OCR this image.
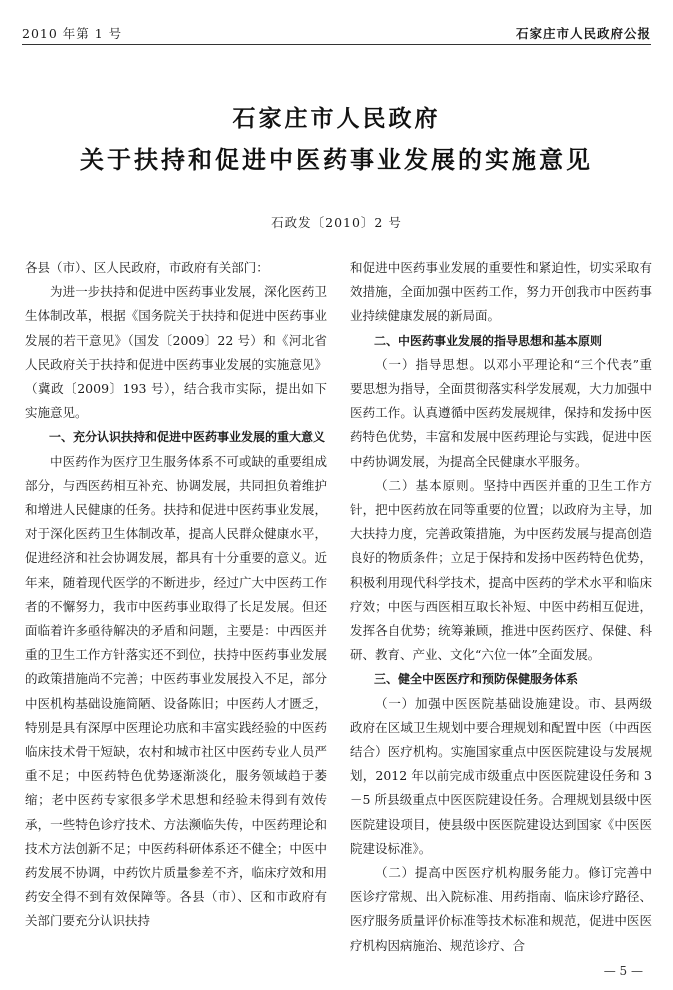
2010 年第 1 号	石家庄市人民政府公报
石家庄市人民政府
关于扶持和促进中医药事业发展的实施意见
石政发〔2010〕2 号

各县（市）、区人民政府，市政府有关部门：

为进一步扶持和促进中医药事业发展，深化医药卫生体制改革，根据《国务院关于扶持和促进中医药事业发展的若干意见》（国发〔2009〕22 号）和《河北省人民政府关于扶持和促进中医药事业发展的实施意见》（冀政〔2009〕193 号），结合我市实际，提出如下实施意见。

一、充分认识扶持和促进中医药事业发展的重大意义

中医药作为医疗卫生服务体系不可或缺的重要组成部分，与西医药相互补充、协调发展，共同担负着维护和增进人民健康的任务。扶持和促进中医药事业发展，对于深化医药卫生体制改革，提高人民群众健康水平，促进经济和社会协调发展，都具有十分重要的意义。近年来，随着现代医学的不断进步，经过广大中医药工作者的不懈努力，我市中医药事业取得了长足发展。但还面临着许多亟待解决的矛盾和问题，主要是：中西医并重的卫生工作方针落实还不到位，扶持中医药事业发展的政策措施尚不完善；中医药事业发展投入不足，部分中医机构基础设施简陋、设备陈旧；中医药人才匮乏，特别是具有深厚中医理论功底和丰富实践经验的中医药临床技术骨干短缺，农村和城市社区中医药专业人员严重不足；中医药特色优势逐渐淡化，服务领域趋于萎缩；老中医药专家很多学术思想和经验未得到有效传承，一些特色诊疗技术、方法濒临失传，中医药理论和技术方法创新不足；中医药科研体系还不健全；中医中药发展不协调，中药饮片质量参差不齐，临床疗效和用药安全得不到有效保障等。各县（市）、区和市政府有关部门要充分认识扶持

和促进中医药事业发展的重要性和紧迫性，切实采取有效措施，全面加强中医药工作，努力开创我市中医药事业持续健康发展的新局面。

二、中医药事业发展的指导思想和基本原则

（一）指导思想。以邓小平理论和“三个代表”重要思想为指导，全面贯彻落实科学发展观，大力加强中医药工作。认真遵循中医药发展规律，保持和发扬中医药特色优势，丰富和发展中医药理论与实践，促进中医中药协调发展，为提高全民健康水平服务。

（二）基本原则。坚持中西医并重的卫生工作方针，把中医药放在同等重要的位置；以政府为主导，加大扶持力度，完善政策措施，为中医药发展与提高创造良好的物质条件；立足于保持和发扬中医药特色优势，积极利用现代科学技术，提高中医药的学术水平和临床疗效；中医与西医相互取长补短、中医中药相互促进，发挥各自优势；统筹兼顾，推进中医药医疗、保健、科研、教育、产业、文化“六位一体”全面发展。

三、健全中医医疗和预防保健服务体系

（一）加强中医医院基础设施建设。市、县两级政府在区域卫生规划中要合理规划和配置中医（中西医结合）医疗机构。实施国家重点中医医院建设与发展规划，2012 年以前完成市级重点中医医院建设任务和 3－5 所县级重点中医医院建设任务。合理规划县级中医医院建设项目，使县级中医医院建设达到国家《中医医院建设标准》。

（二）提高中医医疗机构服务能力。修订完善中医诊疗常规、出入院标准、用药指南、临床诊疗路径、医疗服务质量评价标准等技术标准和规范，促进中医医疗机构因病施治、规范诊疗、合

— 5 —
